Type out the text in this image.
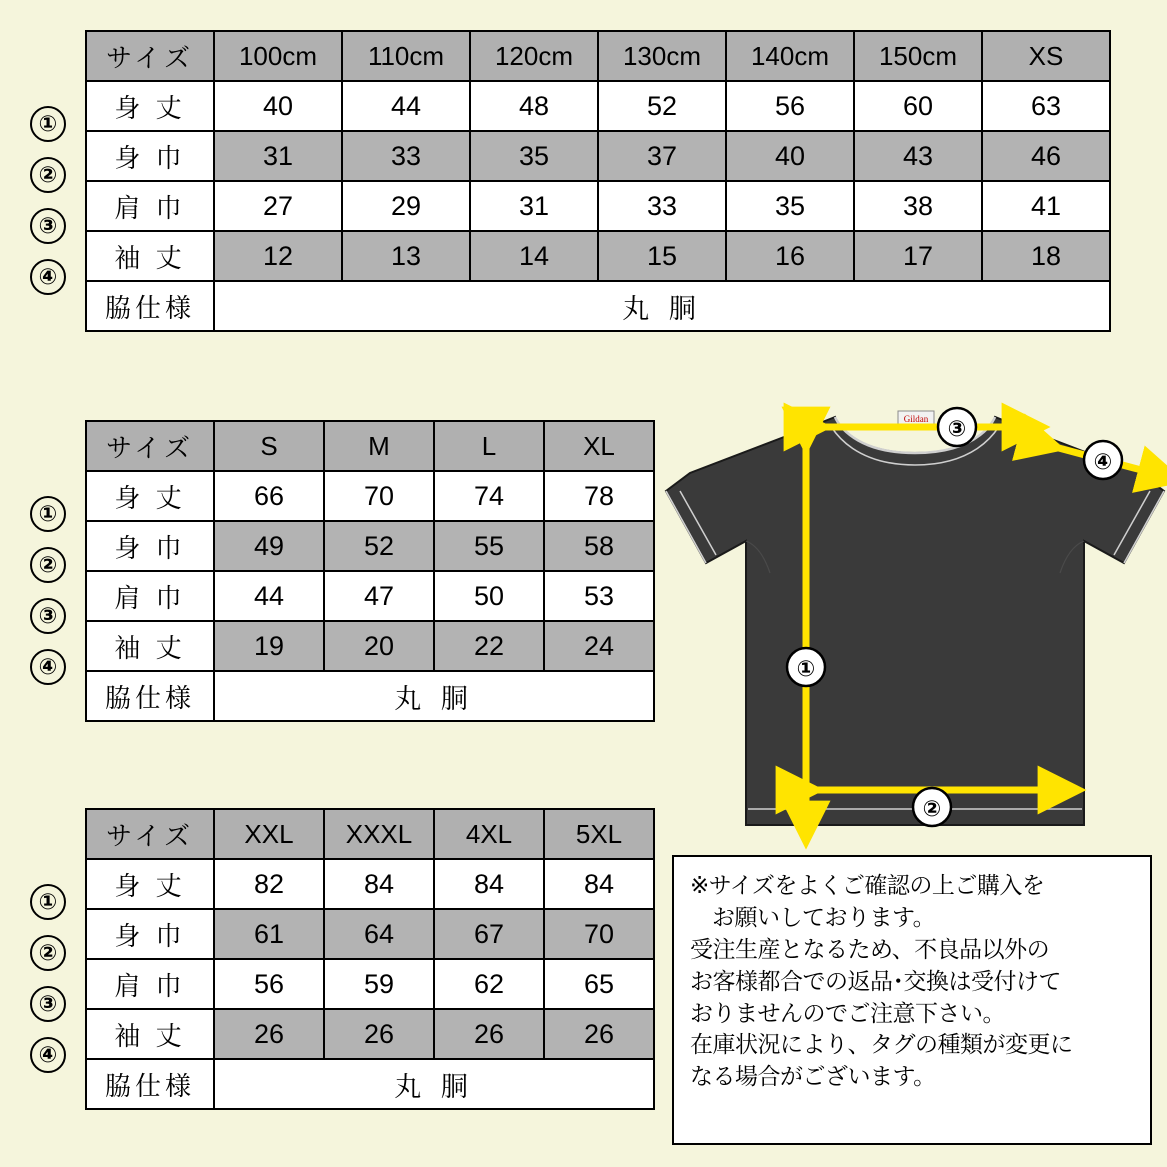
①
②
③
④
サイズ	100cm	110cm	120cm	130cm	140cm	150cm	XS
身 丈	40	44	48	52	56	60	63
身 巾	31	33	35	37	40	43	46
肩 巾	27	29	31	33	35	38	41
袖 丈	12	13	14	15	16	17	18
脇仕様	丸 胴						
①
②
③
④
サイズ	S	M	L	XL
身 丈	66	70	74	78
身 巾	49	52	55	58
肩 巾	44	47	50	53
袖 丈	19	20	22	24
脇仕様	丸 胴			
①
②
③
④
サイズ	XXL	XXXL	4XL	5XL
身 丈	82	84	84	84
身 巾	61	64	67	70
肩 巾	56	59	62	65
袖 丈	26	26	26	26
脇仕様	丸 胴			
Gildan ③
④
①
②

※サイズをよくご確認の上ご購入を

お願いしております。

受注生産となるため、不良品以外の

お客様都合での返品･交換は受付けて

おりませんのでご注意下さい。

在庫状況により、タグの種類が変更に

なる場合がございます。
